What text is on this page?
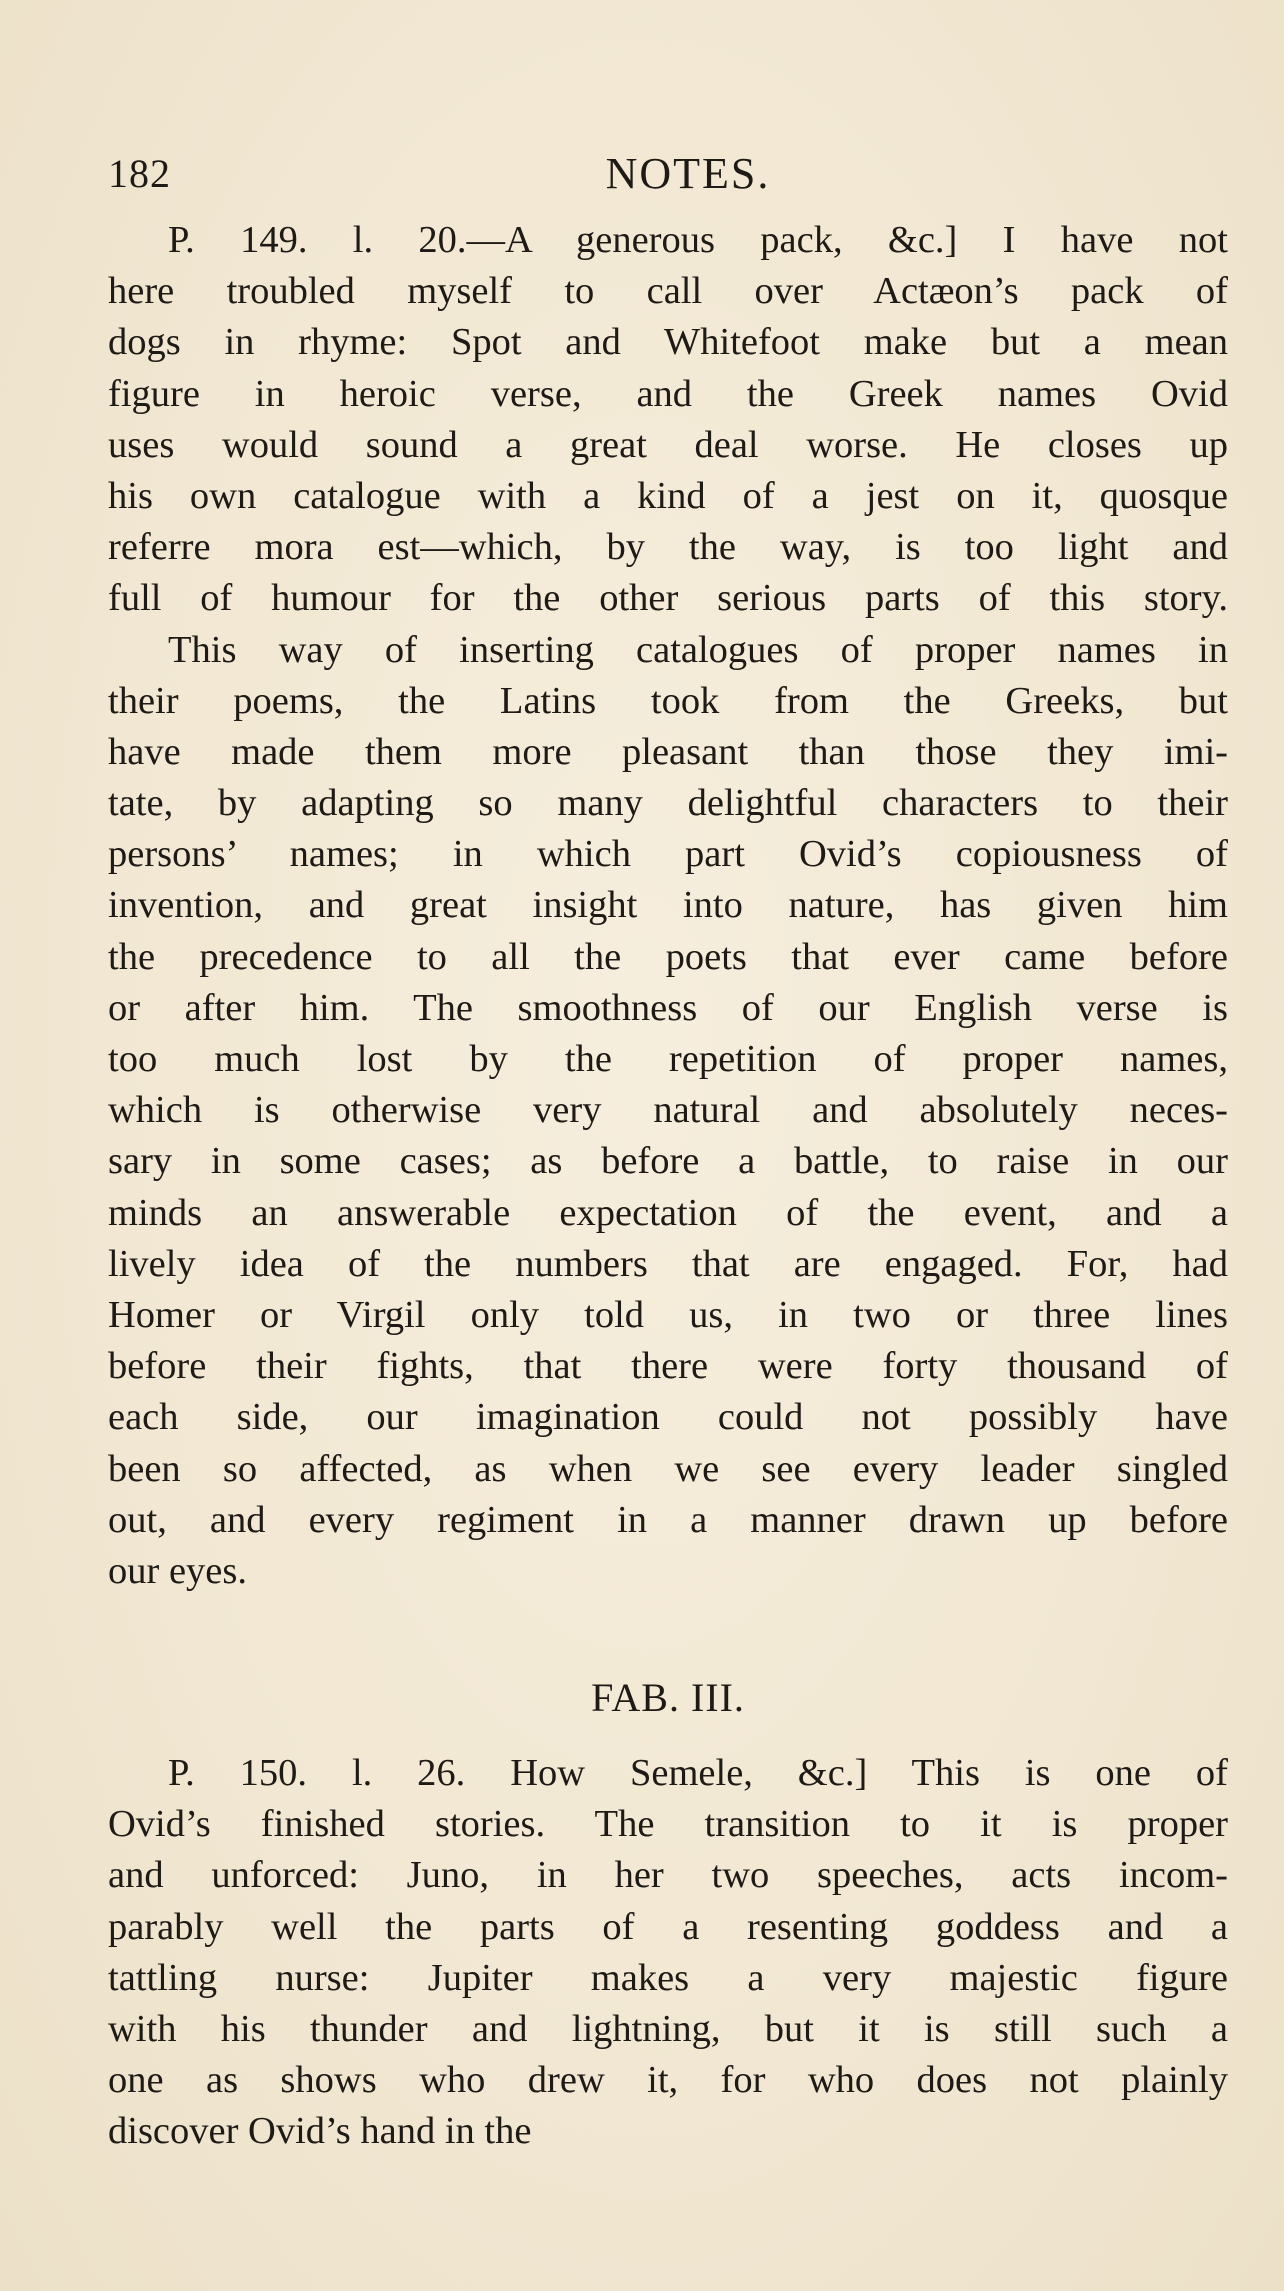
182	NOTES.
P. 149. l. 20.—A generous pack, &c.] I have not
here troubled myself to call over Actæon’s pack of
dogs in rhyme: Spot and Whitefoot make but a mean
figure in heroic verse, and the Greek names Ovid
uses would sound a great deal worse. He closes up
his own catalogue with a kind of a jest on it, quosque
referre mora est—which, by the way, is too light and
full of humour for the other serious parts of this story.
This way of inserting catalogues of proper names in
their poems, the Latins took from the Greeks, but
have made them more pleasant than those they imi-
tate, by adapting so many delightful characters to their
persons’ names; in which part Ovid’s copiousness of
invention, and great insight into nature, has given him
the precedence to all the poets that ever came before
or after him. The smoothness of our English verse is
too much lost by the repetition of proper names,
which is otherwise very natural and absolutely neces-
sary in some cases; as before a battle, to raise in our
minds an answerable expectation of the event, and a
lively idea of the numbers that are engaged. For, had
Homer or Virgil only told us, in two or three lines
before their fights, that there were forty thousand of
each side, our imagination could not possibly have
been so affected, as when we see every leader singled
out, and every regiment in a manner drawn up before
our eyes.
FAB. III.
P. 150. l. 26. How Semele, &c.] This is one of
Ovid’s finished stories. The transition to it is proper
and unforced: Juno, in her two speeches, acts incom-
parably well the parts of a resenting goddess and a
tattling nurse: Jupiter makes a very majestic figure
with his thunder and lightning, but it is still such a
one as shows who drew it, for who does not plainly
discover Ovid’s hand in the
